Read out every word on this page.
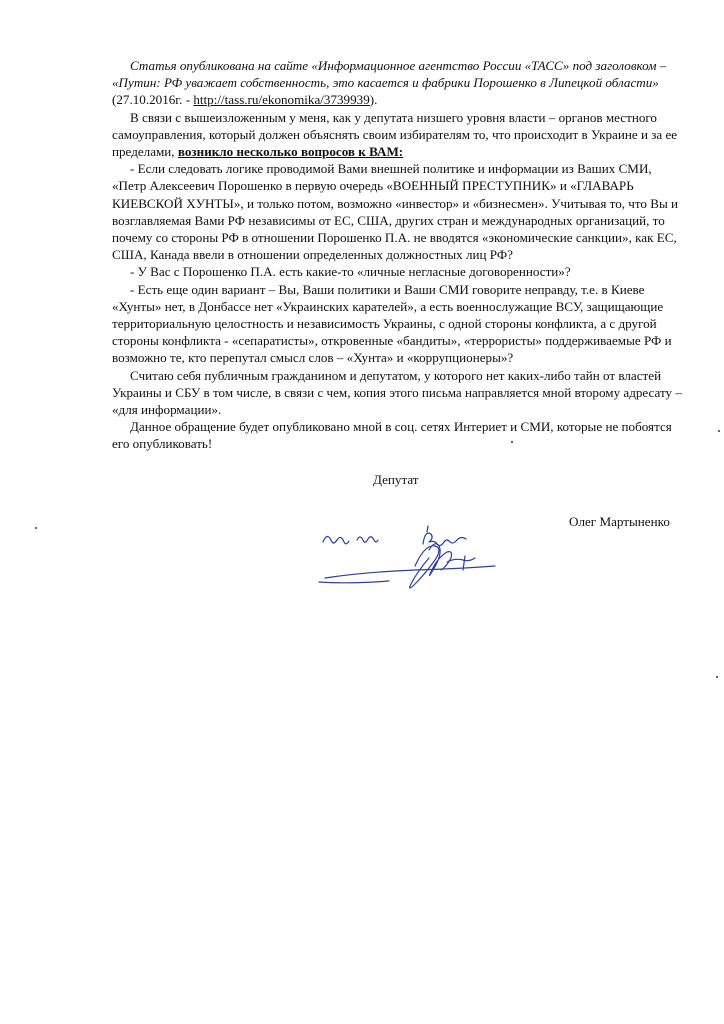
Статья опубликована на сайте «Информационное агентство России «ТАСС» под заголовком – «Путин: РФ уважает собственность, это касается и фабрики Порошенко в Липецкой области» (27.10.2016г. - http://tass.ru/ekonomika/3739939).

В связи с вышеизложенным у меня, как у депутата низшего уровня власти – органов местного самоуправления, который должен объяснять своим избирателям то, что происходит в Украине и за ее пределами, возникло несколько вопросов к ВАМ:

- Если следовать логике проводимой Вами внешней политике и информации из Ваших СМИ, «Петр Алексеевич Порошенко в первую очередь «ВОЕННЫЙ ПРЕСТУПНИК» и «ГЛАВАРЬ КИЕВСКОЙ ХУНТЫ», и только потом, возможно «инвестор» и «бизнесмен». Учитывая то, что Вы и возглавляемая Вами РФ независимы от ЕС, США, других стран и международных организаций, то почему со стороны РФ в отношении Порошенко П.А. не вводятся «экономические санкции», как ЕС, США, Канада ввели в отношении определенных должностных лиц РФ?

- У Вас с Порошенко П.А. есть какие-то «личные негласные договоренности»?

- Есть еще один вариант – Вы, Ваши политики и Ваши СМИ говорите неправду, т.е. в Киеве «Хунты» нет, в Донбассе нет «Украинских карателей», а есть военнослужащие ВСУ, защищающие территориальную целостность и независимость Украины, с одной стороны конфликта, а с другой стороны конфликта - «сепаратисты», откровенные «бандиты», «террористы» поддерживаемые РФ и возможно те, кто перепутал смысл слов – «Хунта» и «коррупционеры»?

Считаю себя публичным гражданином и депутатом, у которого нет каких-либо тайн от властей Украины и СБУ в том числе, в связи с чем, копия этого письма направляется мной второму адресату – «для информации».

Данное обращение будет опубликовано мной в соц. сетях Интериет и СМИ, которые не побоятся его опубликовать!

Депутат
Олег Мартыненко
